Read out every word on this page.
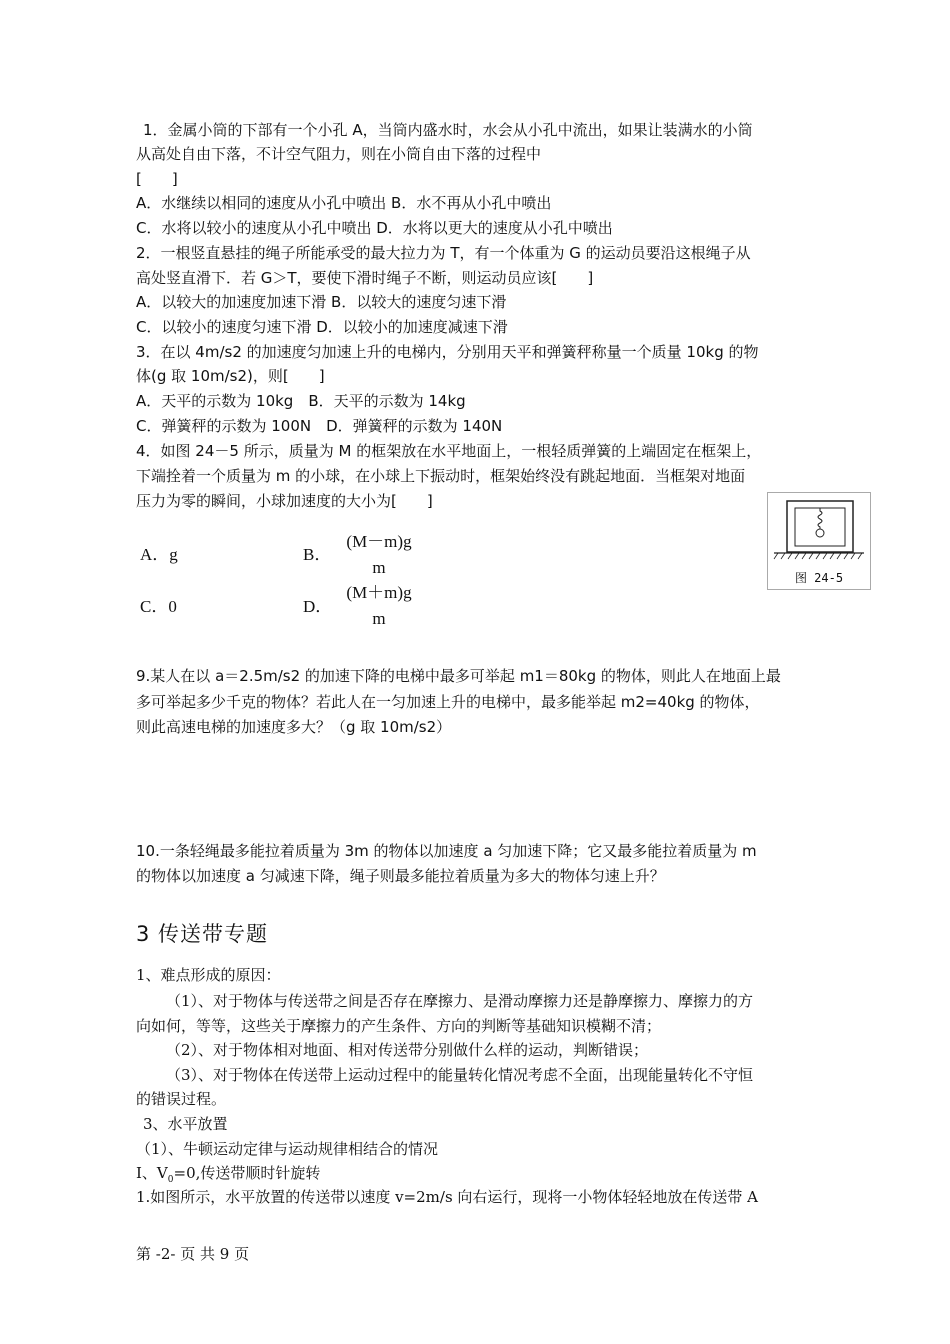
1．金属小筒的下部有一个小孔 A，当筒内盛水时，水会从小孔中流出，如果让装满水的小筒
从高处自由下落，不计空气阻力，则在小筒自由下落的过程中
[　　]
A．水继续以相同的速度从小孔中喷出 B．水不再从小孔中喷出
C．水将以较小的速度从小孔中喷出 D．水将以更大的速度从小孔中喷出
2．一根竖直悬挂的绳子所能承受的最大拉力为 T，有一个体重为 G 的运动员要沿这根绳子从
高处竖直滑下．若 G＞T，要使下滑时绳子不断，则运动员应该[　　]
A．以较大的加速度加速下滑 B．以较大的速度匀速下滑
C．以较小的速度匀速下滑 D．以较小的加速度减速下滑
3．在以 4m/s2 的加速度匀加速上升的电梯内，分别用天平和弹簧秤称量一个质量 10kg 的物
体(g 取 10m/s2)，则[　　]
A．天平的示数为 10kg　B．天平的示数为 14kg
C．弹簧秤的示数为 100N　D．弹簧秤的示数为 140N
4．如图 24－5 所示，质量为 M 的框架放在水平地面上，一根轻质弹簧的上端固定在框架上，
下端拴着一个质量为 m 的小球，在小球上下振动时，框架始终没有跳起地面．当框架对地面
压力为零的瞬间，小球加速度的大小为[　　]
A．g	B．
(M－m)g
m
C．0	D．
(M＋m)g
m
图 24-5
9.某人在以 a＝2.5m/s2 的加速下降的电梯中最多可举起 m1＝80kg 的物体，则此人在地面上最
多可举起多少千克的物体？若此人在一匀加速上升的电梯中，最多能举起 m2=40kg 的物体，
则此高速电梯的加速度多大？（g 取 10m/s2）
10.一条轻绳最多能拉着质量为 3m 的物体以加速度 a 匀加速下降；它又最多能拉着质量为 m
的物体以加速度 a 匀减速下降，绳子则最多能拉着质量为多大的物体匀速上升？
3 传送带专题
1、难点形成的原因：
（1）、对于物体与传送带之间是否存在摩擦力、是滑动摩擦力还是静摩擦力、摩擦力的方
向如何，等等，这些关于摩擦力的产生条件、方向的判断等基础知识模糊不清；
（2）、对于物体相对地面、相对传送带分别做什么样的运动，判断错误；
（3）、对于物体在传送带上运动过程中的能量转化情况考虑不全面，出现能量转化不守恒
的错误过程。
3、水平放置
（1）、牛顿运动定律与运动规律相结合的情况
Ⅰ、$V_0=0$,传送带顺时针旋转
1.如图所示，水平放置的传送带以速度 v=2m/s 向右运行，现将一小物体轻轻地放在传送带 A
第 -2- 页 共 9 页
